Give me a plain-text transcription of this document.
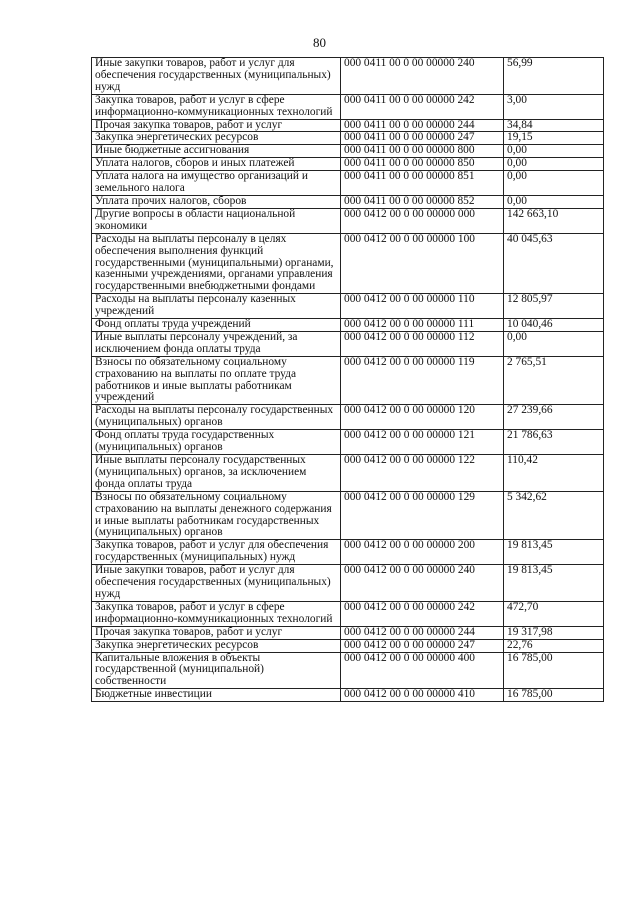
80
Иные закупки товаров, работ и услуг для обеспечения государственных (муниципальных) нужд	000 0411 00 0 00 00000 240	56,99
Закупка товаров, работ и услуг в сфере информационно-коммуникационных технологий	000 0411 00 0 00 00000 242	3,00
Прочая закупка товаров, работ и услуг	000 0411 00 0 00 00000 244	34,84
Закупка энергетических ресурсов	000 0411 00 0 00 00000 247	19,15
Иные бюджетные ассигнования	000 0411 00 0 00 00000 800	0,00
Уплата налогов, сборов и иных платежей	000 0411 00 0 00 00000 850	0,00
Уплата налога на имущество организаций и земельного налога	000 0411 00 0 00 00000 851	0,00
Уплата прочих налогов, сборов	000 0411 00 0 00 00000 852	0,00
Другие вопросы в области национальной экономики	000 0412 00 0 00 00000 000	142 663,10
Расходы на выплаты персоналу в целях обеспечения выполнения функций государственными (муниципальными) органами, казенными учреждениями, органами управления государственными внебюджетными фондами	000 0412 00 0 00 00000 100	40 045,63
Расходы на выплаты персоналу казенных учреждений	000 0412 00 0 00 00000 110	12 805,97
Фонд оплаты труда учреждений	000 0412 00 0 00 00000 111	10 040,46
Иные выплаты персоналу учреждений, за исключением фонда оплаты труда	000 0412 00 0 00 00000 112	0,00
Взносы по обязательному социальному страхованию на выплаты по оплате труда работников и иные выплаты работникам учреждений	000 0412 00 0 00 00000 119	2 765,51
Расходы на выплаты персоналу государственных (муниципальных) органов	000 0412 00 0 00 00000 120	27 239,66
Фонд оплаты труда государственных (муниципальных) органов	000 0412 00 0 00 00000 121	21 786,63
Иные выплаты персоналу государственных (муниципальных) органов, за исключением фонда оплаты труда	000 0412 00 0 00 00000 122	110,42
Взносы по обязательному социальному страхованию на выплаты денежного содержания и иные выплаты работникам государственных (муниципальных) органов	000 0412 00 0 00 00000 129	5 342,62
Закупка товаров, работ и услуг для обеспечения государственных (муниципальных) нужд	000 0412 00 0 00 00000 200	19 813,45
Иные закупки товаров, работ и услуг для обеспечения государственных (муниципальных) нужд	000 0412 00 0 00 00000 240	19 813,45
Закупка товаров, работ и услуг в сфере информационно-коммуникационных технологий	000 0412 00 0 00 00000 242	472,70
Прочая закупка товаров, работ и услуг	000 0412 00 0 00 00000 244	19 317,98
Закупка энергетических ресурсов	000 0412 00 0 00 00000 247	22,76
Капитальные вложения в объекты государственной (муниципальной) собственности	000 0412 00 0 00 00000 400	16 785,00
Бюджетные инвестиции	000 0412 00 0 00 00000 410	16 785,00
